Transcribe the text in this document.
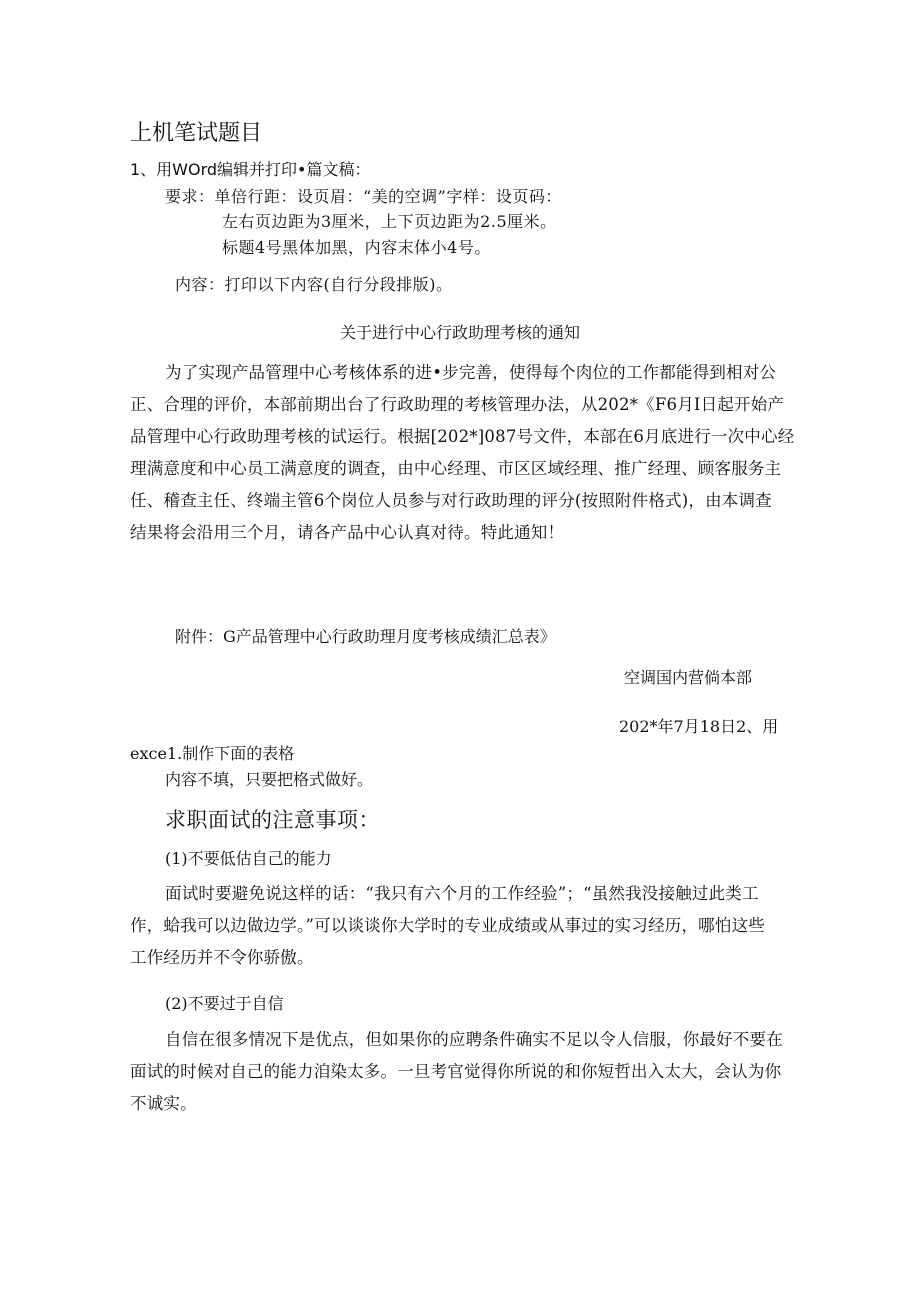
上机笔试题目
1、用WOrd编辑并打印•篇文稿：
要求：单倍行距：设页眉：“美的空调”字样：设页码：
左右页边距为3厘米，上下页边距为2.5厘米。
标题4号黑体加黑，内容末体小4号。
内容：打印以下内容(自行分段排版)。
关于进行中心行政助理考核的通知
为了实现产品管理中心考核体系的进•步完善，使得每个肉位的工作都能得到相对公
正、合理的评价，本部前期出台了行政助理的考核管理办法，从202*《F6月I日起开始产
品管理中心行政助理考核的试运行。根据[202*]087号文件，本部在6月底进行一次中心经
理满意度和中心员工满意度的调查，由中心经理、市区区域经理、推广经理、顾客服务主
任、稽查主任、终端主管6个岗位人员参与对行政助理的评分(按照附件格式)，由本调查
结果将会沿用三个月，请各产品中心认真对待。特此通知！
附件：G产品管理中心行政助理月度考核成绩汇总表》
空调国内营倘本部
202*年7月18日2、用
exce1.制作下面的表格
内容不填，只要把格式做好。
求职面试的注意事项：
(1)不要低估自己的能力
面试时要避免说这样的话：“我只有六个月的工作经验”；“虽然我没接触过此类工
作，蛤我可以边做边学。”可以谈谈你大学时的专业成绩或从事过的实习经历，哪怕这些
工作经历并不令你骄傲。
(2)不要过于自信
自信在很多情况下是优点，但如果你的应聘条件确实不足以令人信服，你最好不要在
面试的时候对自己的能力洎染太多。一旦考官觉得你所说的和你短哲出入太大，会认为你
不诚实。
